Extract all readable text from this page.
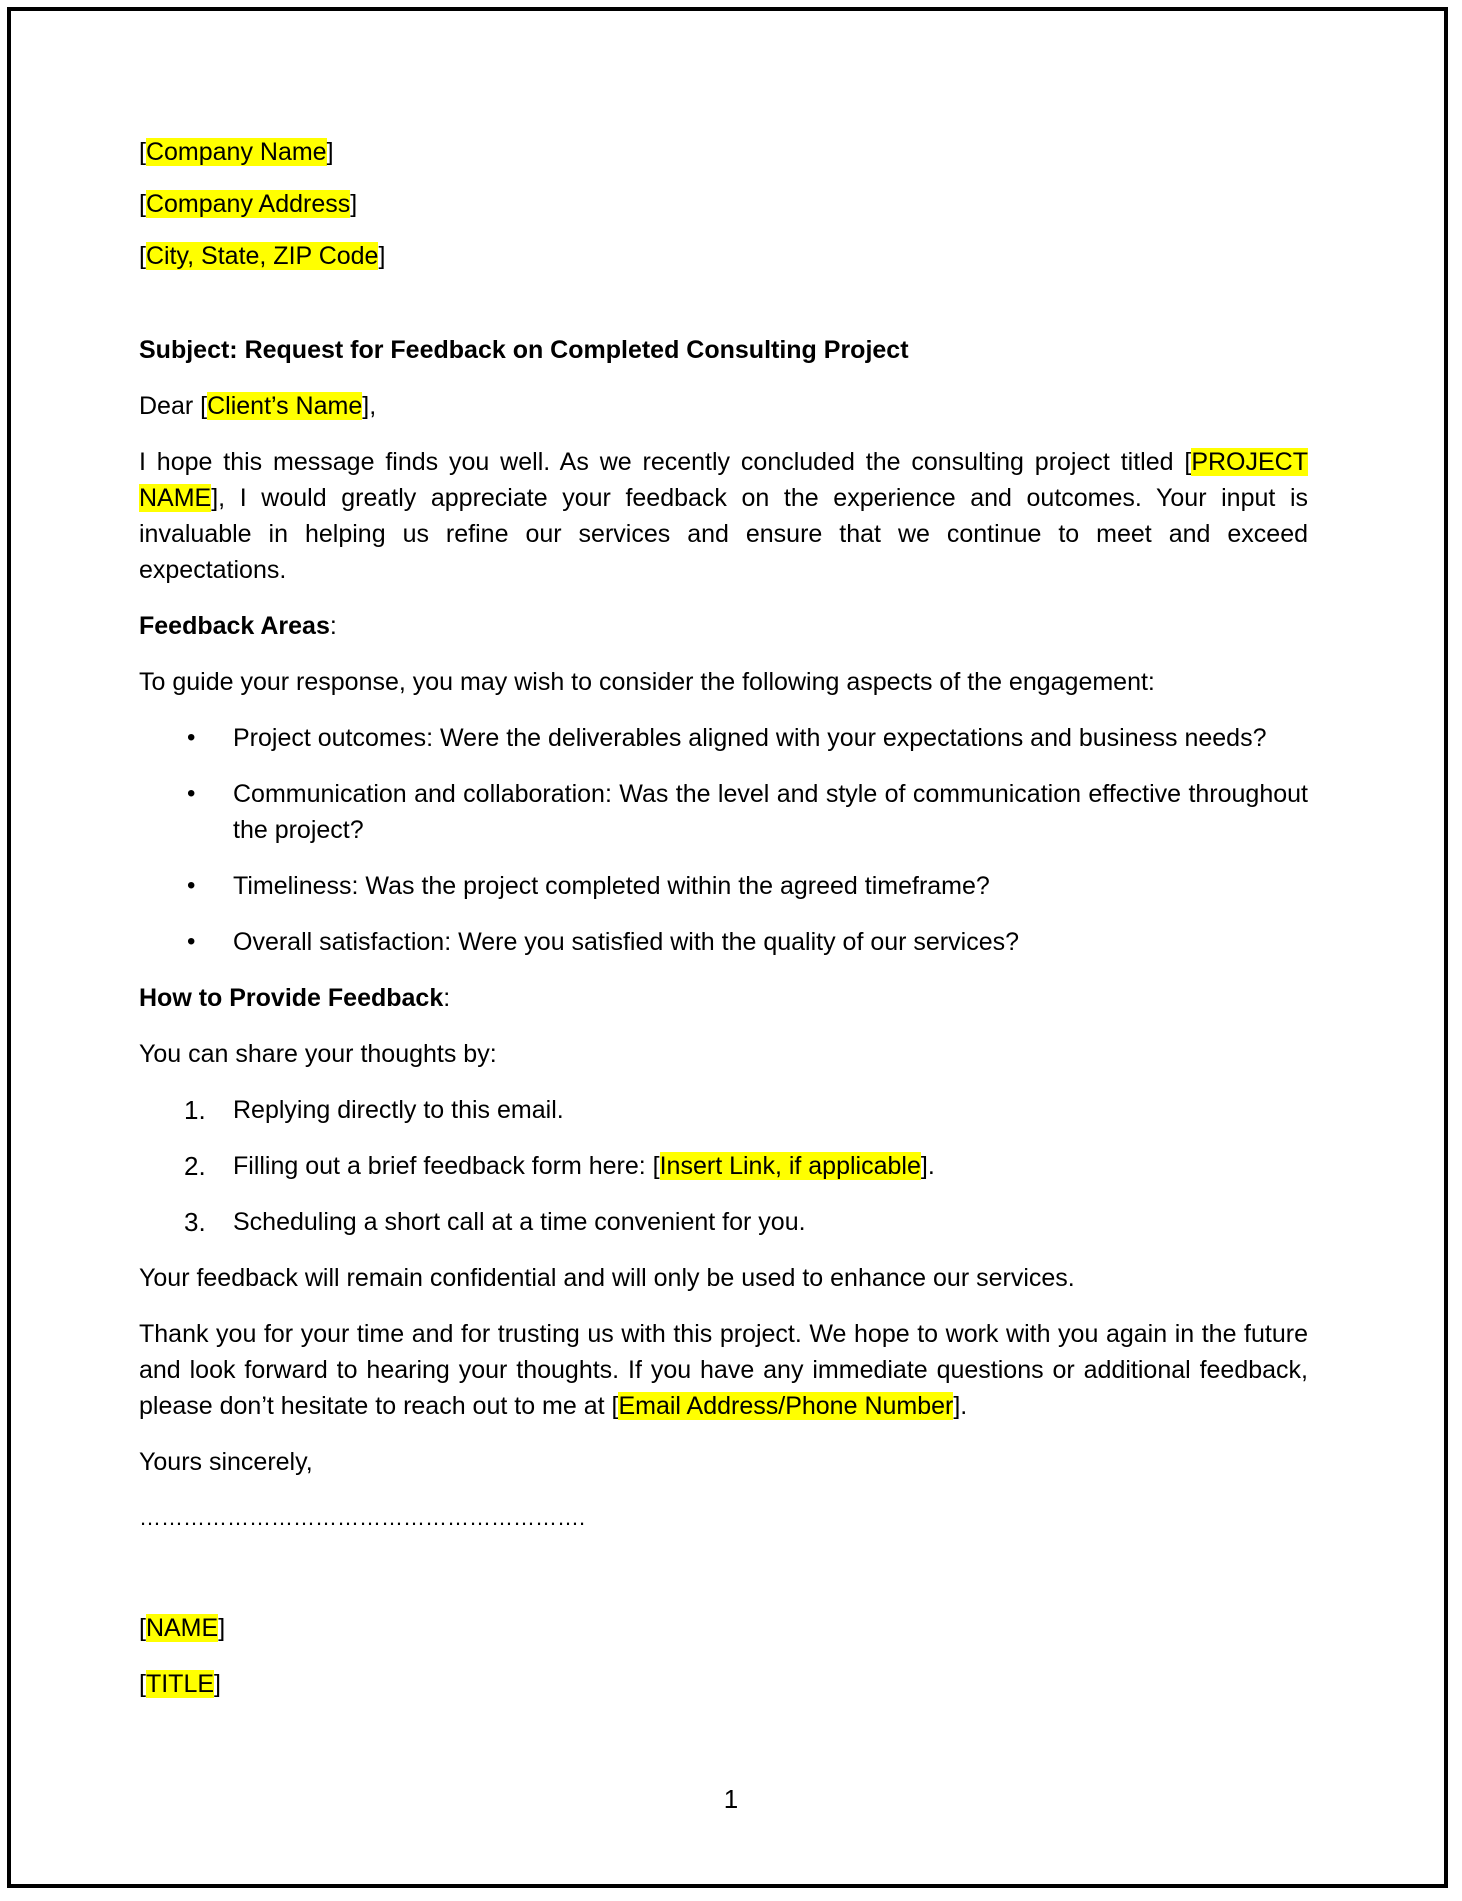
[Company Name]
[Company Address]
[City, State, ZIP Code]
Subject: Request for Feedback on Completed Consulting Project
Dear [Client’s Name],
I hope this message finds you well. As we recently concluded the consulting project titled [PROJECT NAME], I would greatly appreciate your feedback on the experience and outcomes. Your input is invaluable in helping us refine our services and ensure that we continue to meet and exceed expectations.
Feedback Areas:
To guide your response, you may wish to consider the following aspects of the engagement:
• Project outcomes: Were the deliverables aligned with your expectations and business needs?
• Communication and collaboration: Was the level and style of communication effective throughout the project?
• Timeliness: Was the project completed within the agreed timeframe?
• Overall satisfaction: Were you satisfied with the quality of our services?
How to Provide Feedback:
You can share your thoughts by:
1. Replying directly to this email.
2. Filling out a brief feedback form here: [Insert Link, if applicable].
3. Scheduling a short call at a time convenient for you.
Your feedback will remain confidential and will only be used to enhance our services.
Thank you for your time and for trusting us with this project. We hope to work with you again in the future and look forward to hearing your thoughts. If you have any immediate questions or additional feedback, please don’t hesitate to reach out to me at [Email Address/Phone Number].
Yours sincerely,
…………………………………………………….
[NAME]
[TITLE]
1
